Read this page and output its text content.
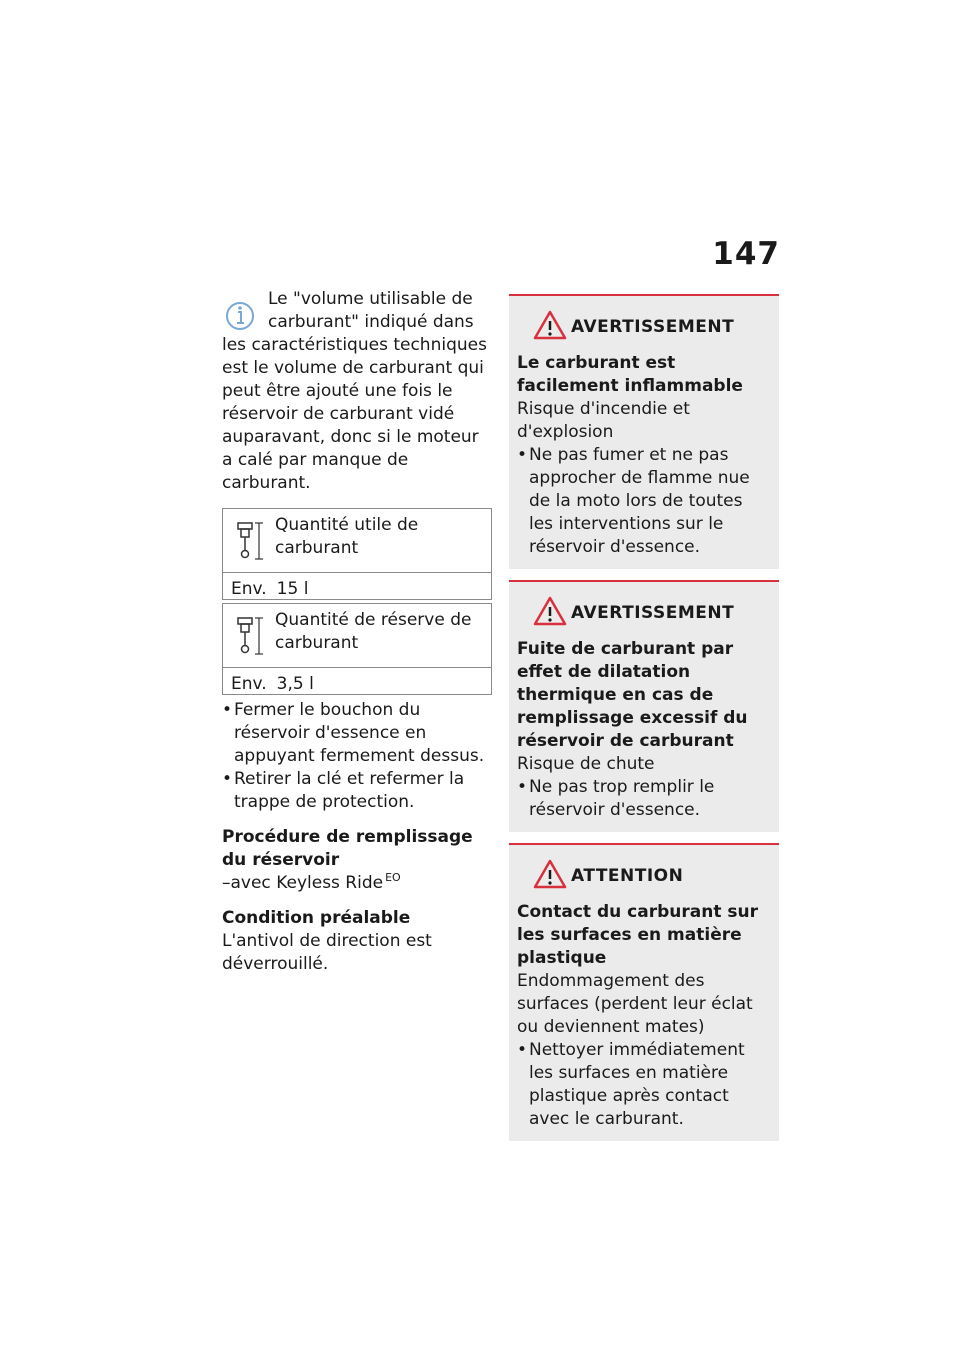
147
Le "volume utilisable de
carburant" indiqué dans

les caractéristiques techniques est le volume de carburant qui peut être ajouté une fois le réservoir de carburant vidé auparavant, donc si le moteur a calé par manque de carburant.

Quantité utile de carburant
Env. 15 l
Quantité de réserve de carburant
Env. 3,5 l
• Fermer le bouchon du réservoir d'essence en appuyant fermement dessus.
• Retirer la clé et refermer la trappe de protection.
Procédure de remplissage du réservoir
–avec Keyless Ride $^{EO}$
Condition préalable
L'antivol de direction est déverrouillé.
AVERTISSEMENT
Le carburant est facilement inflammable
Risque d'incendie et d'explosion
• Ne pas fumer et ne pas approcher de flamme nue de la moto lors de toutes les interventions sur le réservoir d'essence.
AVERTISSEMENT
Fuite de carburant par effet de dilatation thermique en cas de remplissage excessif du réservoir de carburant
Risque de chute
• Ne pas trop remplir le réservoir d'essence.
ATTENTION
Contact du carburant sur les surfaces en matière plastique
Endommagement des surfaces (perdent leur éclat ou deviennent mates)
• Nettoyer immédiatement les surfaces en matière plastique après contact avec le carburant.
